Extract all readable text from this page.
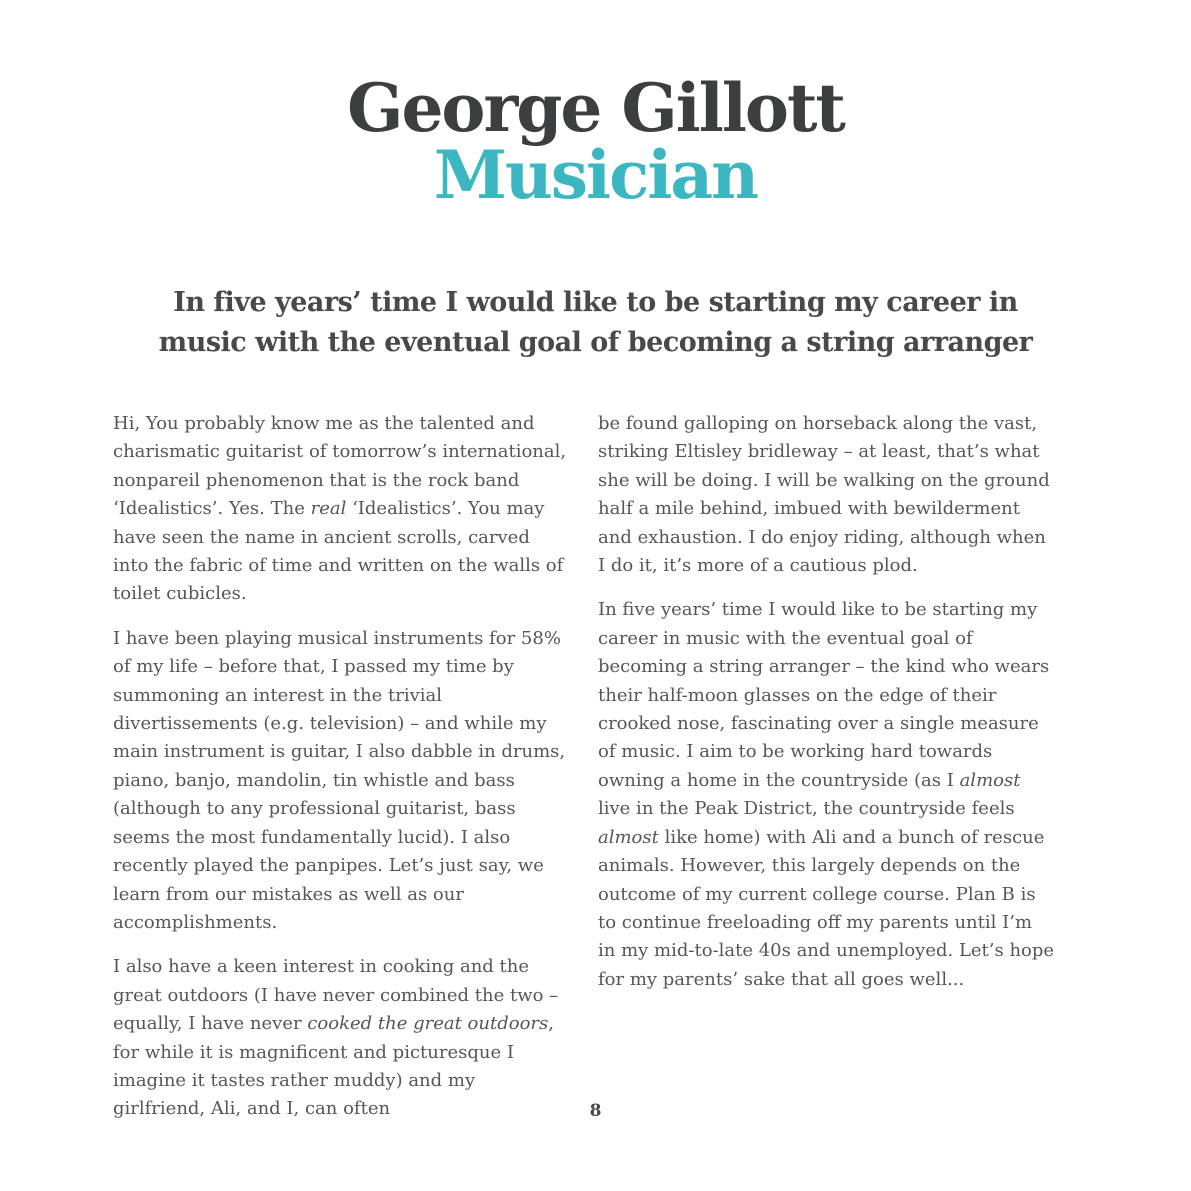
George Gillott
Musician

In five years’ time I would like to be starting my career in
music with the eventual goal of becoming a string arranger

Hi, You probably know me as the talented and charismatic guitarist of tomorrow’s international, nonpareil phenomenon that is the rock band ‘Idealistics’. Yes. The real ‘Idealistics’. You may have seen the name in ancient scrolls, carved into the fabric of time and written on the walls of toilet cubicles.

I have been playing musical instruments for 58% of my life – before that, I passed my time by summoning an interest in the trivial divertissements (e.g. television) – and while my main instrument is guitar, I also dabble in drums, piano, banjo, mandolin, tin whistle and bass (although to any professional guitarist, bass seems the most fundamentally lucid). I also recently played the panpipes. Let’s just say, we learn from our mistakes as well as our accomplishments.

I also have a keen interest in cooking and the great outdoors (I have never combined the two – equally, I have never cooked the great outdoors, for while it is magnificent and picturesque I imagine it tastes rather muddy) and my girlfriend, Ali, and I, can often

be found galloping on horseback along the vast, striking Eltisley bridleway – at least, that’s what she will be doing. I will be walking on the ground half a mile behind, imbued with bewilderment and exhaustion. I do enjoy riding, although when I do it, it’s more of a cautious plod.

In five years’ time I would like to be starting my career in music with the eventual goal of becoming a string arranger – the kind who wears their half-moon glasses on the edge of their crooked nose, fascinating over a single measure of music. I aim to be working hard towards owning a home in the countryside (as I almost live in the Peak District, the countryside feels almost like home) with Ali and a bunch of rescue animals. However, this largely depends on the outcome of my current college course. Plan B is to continue freeloading off my parents until I’m in my mid-to-late 40s and unemployed. Let’s hope for my parents’ sake that all goes well...

8
